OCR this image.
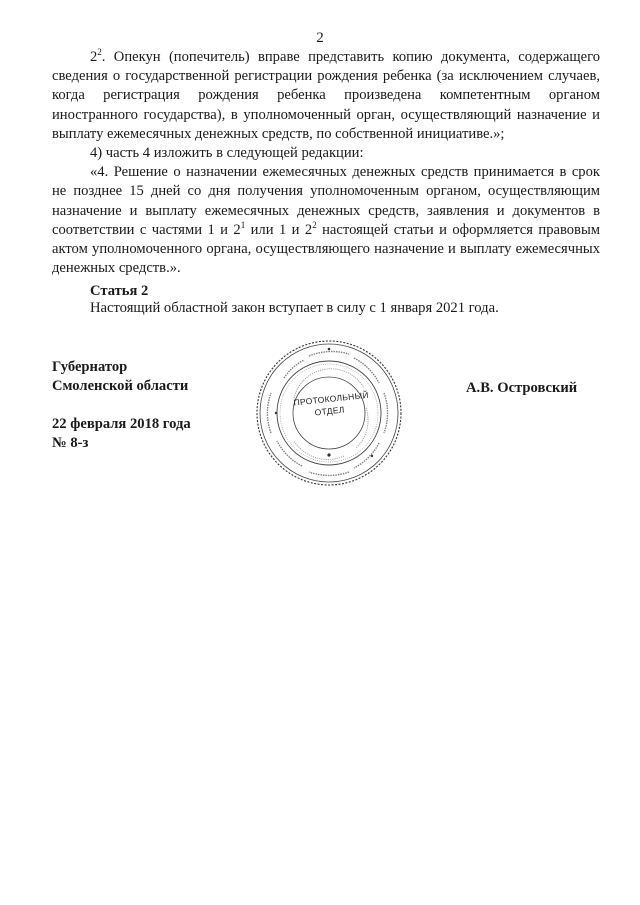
2

$2^2$. Опекун (попечитель) вправе представить копию документа, содержащего сведения о государственной регистрации рождения ребенка (за исключением случаев, когда регистрация рождения ребенка произведена компетентным органом иностранного государства), в уполномоченный орган, осуществляющий назначение и выплату ежемесячных денежных средств, по собственной инициативе.»;

4) часть 4 изложить в следующей редакции:

«4. Решение о назначении ежемесячных денежных средств принимается в срок не позднее 15 дней со дня получения уполномоченным органом, осуществляющим назначение и выплату ежемесячных денежных средств, заявления и документов в соответствии с частями 1 и $2^1$ или 1 и $2^2$ настоящей статьи и оформляется правовым актом уполномоченного органа, осуществляющего назначение и выплату ежемесячных денежных средств.».

Статья 2
Настоящий областной закон вступает в силу с 1 января 2021 года.
Губернатор
Смоленской области
22 февраля 2018 года
№ 8-з
А.В. Островский
ПРОТОКОЛЬНЫЙ
ОТДЕЛ
